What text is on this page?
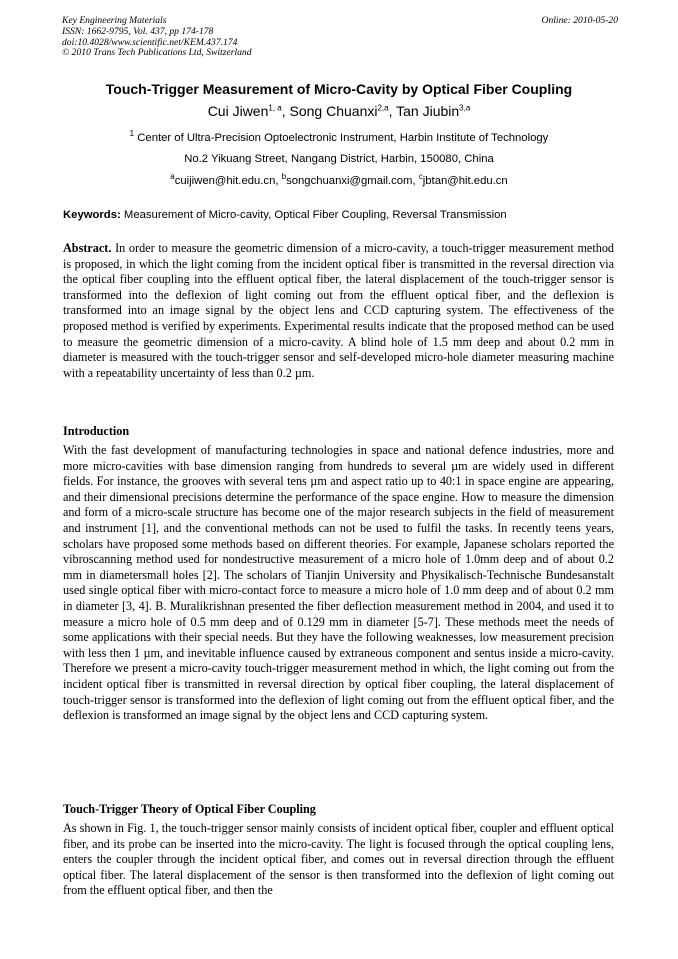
Key Engineering Materials
ISSN: 1662-9795, Vol. 437, pp 174-178
doi:10.4028/www.scientific.net/KEM.437.174
© 2010 Trans Tech Publications Ltd, Switzerland
Online: 2010-05-20
Touch-Trigger Measurement of Micro-Cavity by Optical Fiber Coupling
Cui Jiwen$^{1, a}$, Song Chuanxi$^{2,a}$, Tan Jiubin$^{3,a}$
$^1$ Center of Ultra-Precision Optoelectronic Instrument, Harbin Institute of Technology
No.2 Yikuang Street, Nangang District, Harbin, 150080, China
$^a$cuijiwen@hit.edu.cn, $^b$songchuanxi@gmail.com, $^c$jbtan@hit.edu.cn
Keywords: Measurement of Micro-cavity, Optical Fiber Coupling, Reversal Transmission
Abstract. In order to measure the geometric dimension of a micro-cavity, a touch-trigger measurement method is proposed, in which the light coming from the incident optical fiber is transmitted in the reversal direction via the optical fiber coupling into the effluent optical fiber, the lateral displacement of the touch-trigger sensor is transformed into the deflexion of light coming out from the effluent optical fiber, and the deflexion is transformed into an image signal by the object lens and CCD capturing system. The effectiveness of the proposed method is verified by experiments. Experimental results indicate that the proposed method can be used to measure the geometric dimension of a micro-cavity. A blind hole of 1.5 mm deep and about 0.2 mm in diameter is measured with the touch-trigger sensor and self-developed micro-hole diameter measuring machine with a repeatability uncertainty of less than 0.2 µm.
Introduction
With the fast development of manufacturing technologies in space and national defence industries, more and more micro-cavities with base dimension ranging from hundreds to several µm are widely used in different fields. For instance, the grooves with several tens µm and aspect ratio up to 40:1 in space engine are appearing, and their dimensional precisions determine the performance of the space engine. How to measure the dimension and form of a micro-scale structure has become one of the major research subjects in the field of measurement and instrument [1], and the conventional methods can not be used to fulfil the tasks. In recently teens years, scholars have proposed some methods based on different theories. For example, Japanese scholars reported the vibroscanning method used for nondestructive measurement of a micro hole of 1.0mm deep and of about 0.2 mm in diametersmall holes [2]. The scholars of Tianjin University and Physikalisch-Technische Bundesanstalt used single optical fiber with micro-contact force to measure a micro hole of 1.0 mm deep and of about 0.2 mm in diameter [3, 4]. B. Muralikrishnan presented the fiber deflection measurement method in 2004, and used it to measure a micro hole of 0.5 mm deep and of 0.129 mm in diameter [5-7]. These methods meet the needs of some applications with their special needs. But they have the following weaknesses, low measurement precision with less then 1 µm, and inevitable influence caused by extraneous component and sentus inside a micro-cavity. Therefore we present a micro-cavity touch-trigger measurement method in which, the light coming out from the incident optical fiber is transmitted in reversal direction by optical fiber coupling, the lateral displacement of touch-trigger sensor is transformed into the deflexion of light coming out from the effluent optical fiber, and the deflexion is transformed an image signal by the object lens and CCD capturing system.
Touch-Trigger Theory of Optical Fiber Coupling
As shown in Fig. 1, the touch-trigger sensor mainly consists of incident optical fiber, coupler and effluent optical fiber, and its probe can be inserted into the micro-cavity. The light is focused through the optical coupling lens, enters the coupler through the incident optical fiber, and comes out in reversal direction through the effluent optical fiber. The lateral displacement of the sensor is then transformed into the deflexion of light coming out from the effluent optical fiber, and then the
